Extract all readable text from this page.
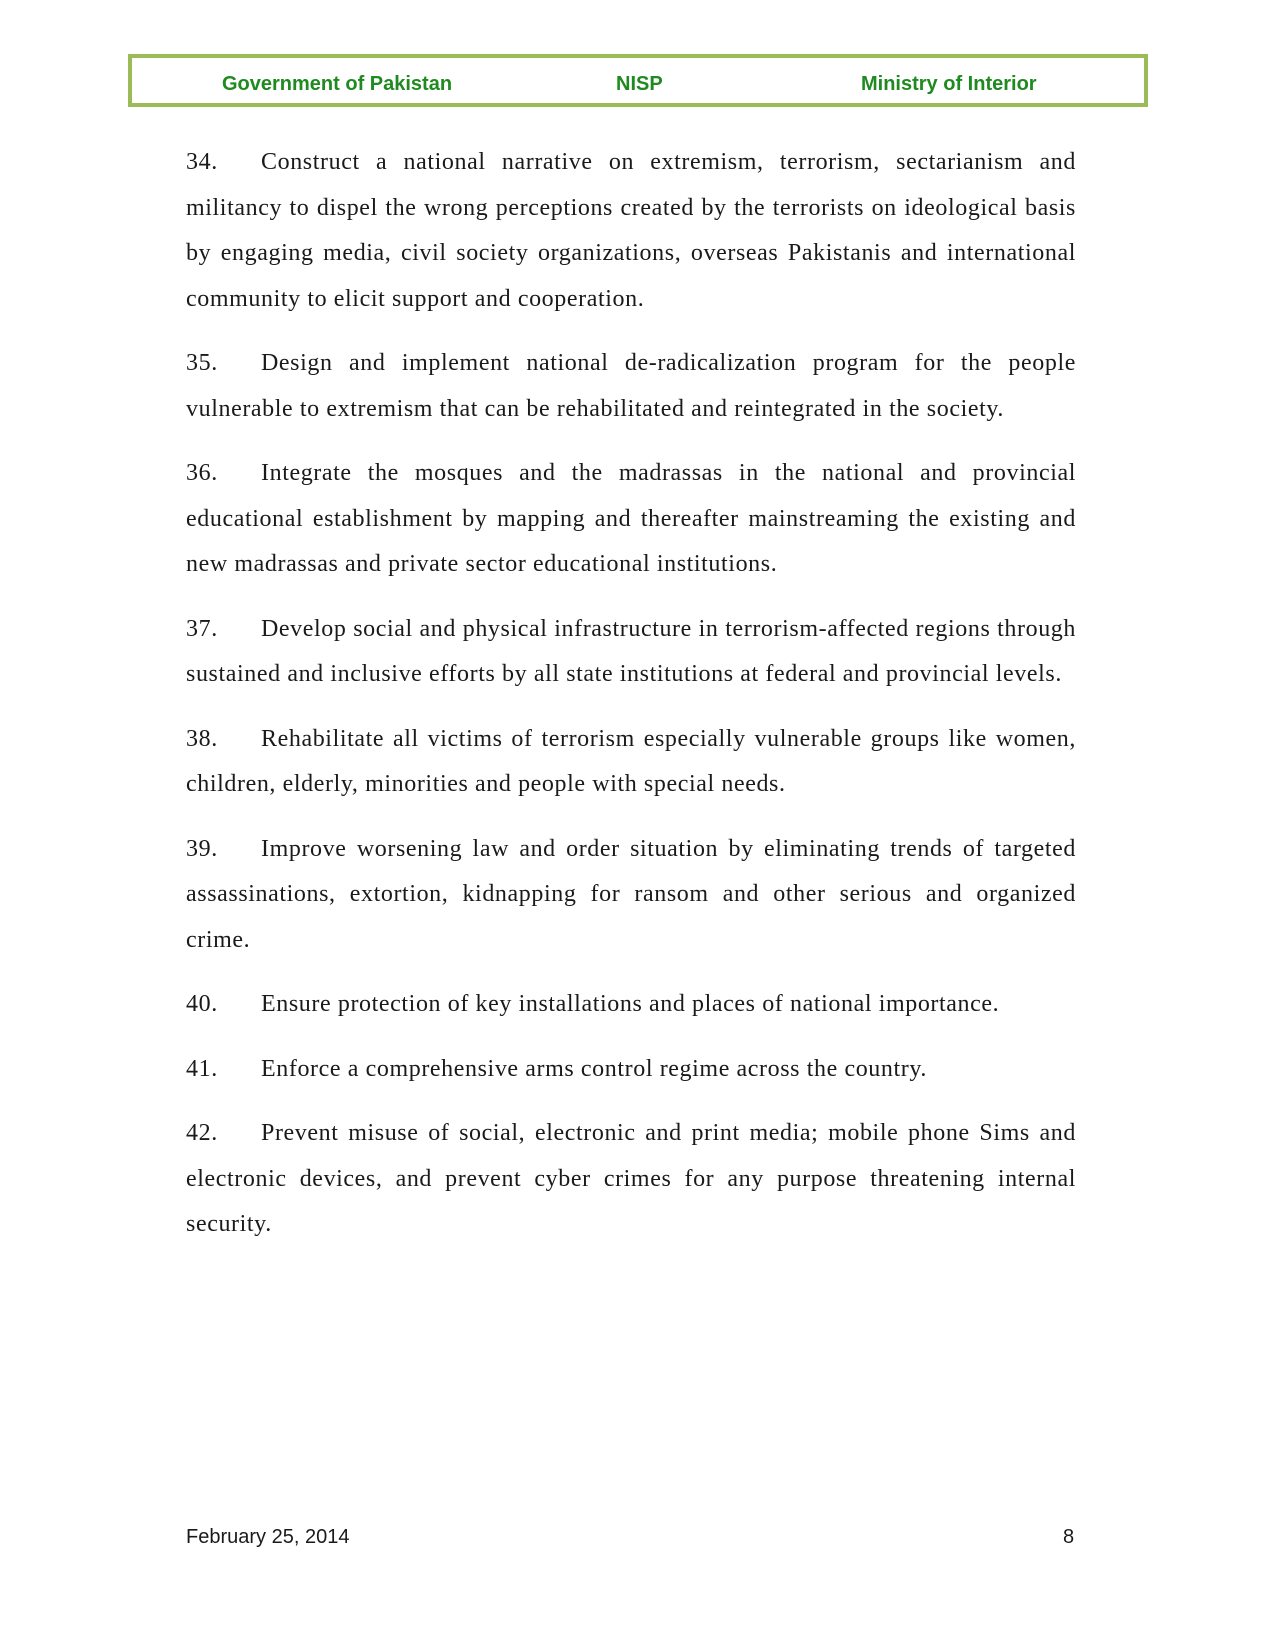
Government of Pakistan	NISP	Ministry of Interior

34. Construct a national narrative on extremism, terrorism, sectarianism and militancy to dispel the wrong perceptions created by the terrorists on ideological basis by engaging media, civil society organizations, overseas Pakistanis and international community to elicit support and cooperation.

35. Design and implement national de-radicalization program for the people vulnerable to extremism that can be rehabilitated and reintegrated in the society.

36. Integrate the mosques and the madrassas in the national and provincial educational establishment by mapping and thereafter mainstreaming the existing and new madrassas and private sector educational institutions.

37. Develop social and physical infrastructure in terrorism-affected regions through sustained and inclusive efforts by all state institutions at federal and provincial levels.

38. Rehabilitate all victims of terrorism especially vulnerable groups like women, children, elderly, minorities and people with special needs.

39. Improve worsening law and order situation by eliminating trends of targeted assassinations, extortion, kidnapping for ransom and other serious and organized crime.

40. Ensure protection of key installations and places of national importance.

41. Enforce a comprehensive arms control regime across the country.

42. Prevent misuse of social, electronic and print media; mobile phone Sims and electronic devices, and prevent cyber crimes for any purpose threatening internal security.

February 25, 2014	8
